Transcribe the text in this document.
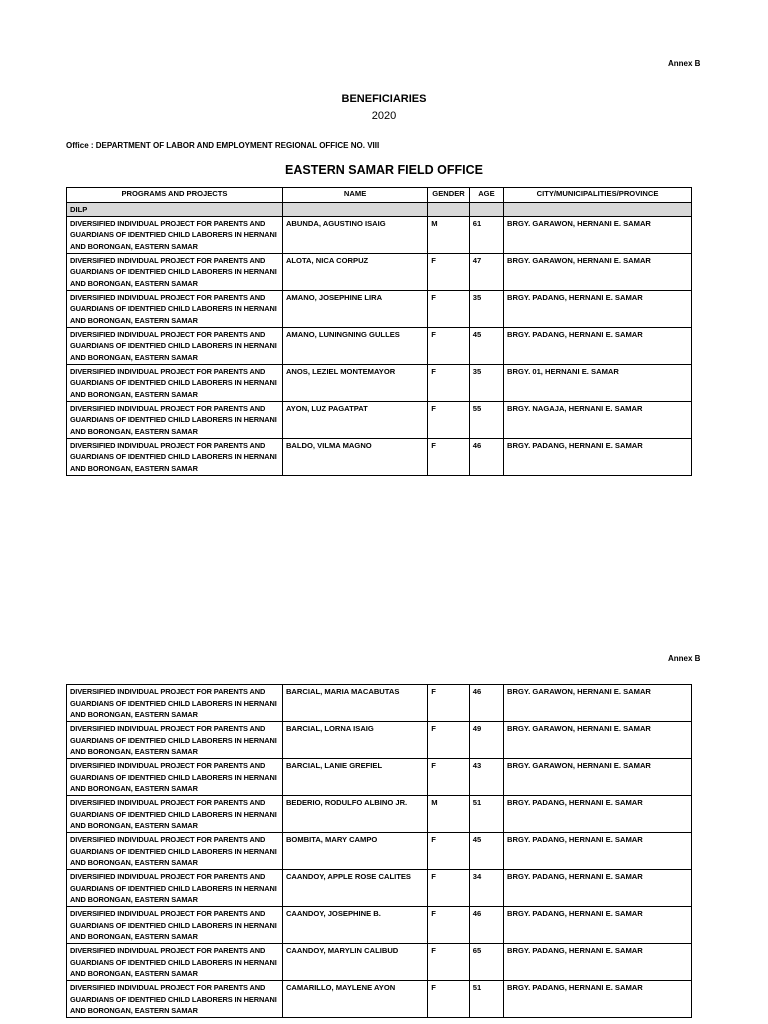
Annex B
BENEFICIARIES
2020
Office : DEPARTMENT OF LABOR AND EMPLOYMENT REGIONAL OFFICE NO. VIII
EASTERN SAMAR FIELD OFFICE
PROGRAMS AND PROJECTS	NAME	GENDER	AGE	CITY/MUNICIPALITIES/PROVINCE
DILP				
DIVERSIFIED INDIVIDUAL PROJECT FOR PARENTS AND GUARDIANS OF IDENTFIED CHILD LABORERS IN HERNANI AND BORONGAN, EASTERN SAMAR	ABUNDA, AGUSTINO ISAIG	M	61	BRGY. GARAWON, HERNANI E. SAMAR
DIVERSIFIED INDIVIDUAL PROJECT FOR PARENTS AND GUARDIANS OF IDENTFIED CHILD LABORERS IN HERNANI AND BORONGAN, EASTERN SAMAR	ALOTA, NICA CORPUZ	F	47	BRGY. GARAWON, HERNANI E. SAMAR
DIVERSIFIED INDIVIDUAL PROJECT FOR PARENTS AND GUARDIANS OF IDENTFIED CHILD LABORERS IN HERNANI AND BORONGAN, EASTERN SAMAR	AMANO, JOSEPHINE LIRA	F	35	BRGY. PADANG, HERNANI E. SAMAR
DIVERSIFIED INDIVIDUAL PROJECT FOR PARENTS AND GUARDIANS OF IDENTFIED CHILD LABORERS IN HERNANI AND BORONGAN, EASTERN SAMAR	AMANO, LUNINGNING GULLES	F	45	BRGY. PADANG, HERNANI E. SAMAR
DIVERSIFIED INDIVIDUAL PROJECT FOR PARENTS AND GUARDIANS OF IDENTFIED CHILD LABORERS IN HERNANI AND BORONGAN, EASTERN SAMAR	ANOS, LEZIEL MONTEMAYOR	F	35	BRGY. 01, HERNANI E. SAMAR
DIVERSIFIED INDIVIDUAL PROJECT FOR PARENTS AND GUARDIANS OF IDENTFIED CHILD LABORERS IN HERNANI AND BORONGAN, EASTERN SAMAR	AYON, LUZ PAGATPAT	F	55	BRGY. NAGAJA, HERNANI E. SAMAR
DIVERSIFIED INDIVIDUAL PROJECT FOR PARENTS AND GUARDIANS OF IDENTFIED CHILD LABORERS IN HERNANI AND BORONGAN, EASTERN SAMAR	BALDO, VILMA MAGNO	F	46	BRGY. PADANG, HERNANI E. SAMAR
Annex B
DIVERSIFIED INDIVIDUAL PROJECT FOR PARENTS AND GUARDIANS OF IDENTFIED CHILD LABORERS IN HERNANI AND BORONGAN, EASTERN SAMAR	BARCIAL, MARIA MACABUTAS	F	46	BRGY. GARAWON, HERNANI E. SAMAR
DIVERSIFIED INDIVIDUAL PROJECT FOR PARENTS AND GUARDIANS OF IDENTFIED CHILD LABORERS IN HERNANI AND BORONGAN, EASTERN SAMAR	BARCIAL, LORNA ISAIG	F	49	BRGY. GARAWON, HERNANI E. SAMAR
DIVERSIFIED INDIVIDUAL PROJECT FOR PARENTS AND GUARDIANS OF IDENTFIED CHILD LABORERS IN HERNANI AND BORONGAN, EASTERN SAMAR	BARCIAL, LANIE GREFIEL	F	43	BRGY. GARAWON, HERNANI E. SAMAR
DIVERSIFIED INDIVIDUAL PROJECT FOR PARENTS AND GUARDIANS OF IDENTFIED CHILD LABORERS IN HERNANI AND BORONGAN, EASTERN SAMAR	BEDERIO, RODULFO ALBINO JR.	M	51	BRGY. PADANG, HERNANI E. SAMAR
DIVERSIFIED INDIVIDUAL PROJECT FOR PARENTS AND GUARDIANS OF IDENTFIED CHILD LABORERS IN HERNANI AND BORONGAN, EASTERN SAMAR	BOMBITA, MARY CAMPO	F	45	BRGY. PADANG, HERNANI E. SAMAR
DIVERSIFIED INDIVIDUAL PROJECT FOR PARENTS AND GUARDIANS OF IDENTFIED CHILD LABORERS IN HERNANI AND BORONGAN, EASTERN SAMAR	CAANDOY, APPLE ROSE CALITES	F	34	BRGY. PADANG, HERNANI E. SAMAR
DIVERSIFIED INDIVIDUAL PROJECT FOR PARENTS AND GUARDIANS OF IDENTFIED CHILD LABORERS IN HERNANI AND BORONGAN, EASTERN SAMAR	CAANDOY, JOSEPHINE B.	F	46	BRGY. PADANG, HERNANI E. SAMAR
DIVERSIFIED INDIVIDUAL PROJECT FOR PARENTS AND GUARDIANS OF IDENTFIED CHILD LABORERS IN HERNANI AND BORONGAN, EASTERN SAMAR	CAANDOY, MARYLIN CALIBUD	F	65	BRGY. PADANG, HERNANI E. SAMAR
DIVERSIFIED INDIVIDUAL PROJECT FOR PARENTS AND GUARDIANS OF IDENTFIED CHILD LABORERS IN HERNANI AND BORONGAN, EASTERN SAMAR	CAMARILLO, MAYLENE AYON	F	51	BRGY. PADANG, HERNANI E. SAMAR
